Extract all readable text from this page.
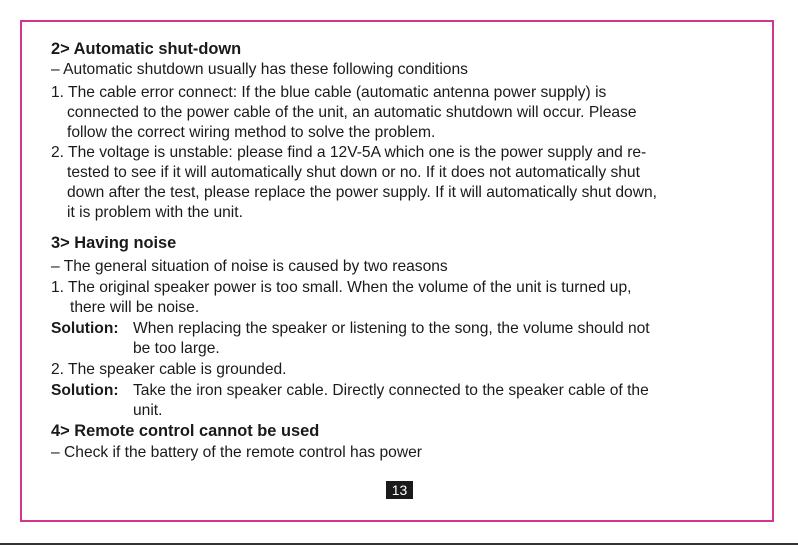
2> Automatic shut-down
– Automatic shutdown usually has these following conditions
1. The cable error connect: If the blue cable (automatic antenna power supply) is
connected to the power cable of the unit, an automatic shutdown will occur. Please
follow the correct wiring method to solve the problem.
2. The voltage is unstable: please find a 12V-5A which one is the power supply and re-
tested to see if it will automatically shut down or no. If it does not automatically shut
down after the test, please replace the power supply. If it will automatically shut down,
it is problem with the unit.
3> Having noise
– The general situation of noise is caused by two reasons
1. The original speaker power is too small. When the volume of the unit is turned up,
there will be noise.
Solution: When replacing the speaker or listening to the song, the volume should not
be too large.
2. The speaker cable is grounded.
Solution: Take the iron speaker cable. Directly connected to the speaker cable of the
unit.
4> Remote control cannot be used
– Check if the battery of the remote control has power
13
